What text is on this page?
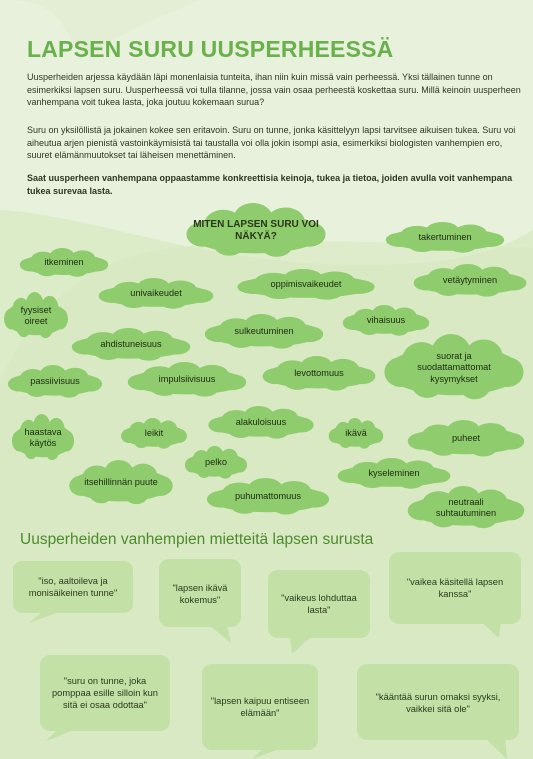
LAPSEN SURU UUSPERHEESSÄ

Uusperheiden arjessa käydään läpi monenlaisia tunteita, ihan niin kuin missä vain perheessä. Yksi tällainen tunne on esimerkiksi lapsen suru. Uusperheessä voi tulla tilanne, jossa vain osaa perheestä koskettaa suru. Millä keinoin uusperheen vanhempana voit tukea lasta, joka joutuu kokemaan surua?

Suru on yksilöllistä ja jokainen kokee sen eritavoin. Suru on tunne, jonka käsittelyyn lapsi tarvitsee aikuisen tukea. Suru voi aiheutua arjen pienistä vastoinkäymisistä tai taustalla voi olla jokin isompi asia, esimerkiksi biologisten vanhempien ero, suuret elämänmuutokset tai läheisen menettäminen.

Saat uusperheen vanhempana oppaastamme konkreettisia keinoja, tukea ja tietoa, joiden avulla voit vanhempana tukea surevaa lasta.

MITEN LAPSEN SURU VOI NÄKYÄ?	takertuminen
itkeminen
vetäytyminen
univaikeudet
oppimisvaikeudet
fyysiset oireet	vihaisuus
sulkeutuminen
ahdistuneisuus
suorat ja suodattamattomat kysymykset
passiivisuus	impulsiivisuus
levottomuus
alakuloisuus
haastava käytös
leikit	ikävä	puheet
pelko
itsehillinnän puute
kyseleminen
puhumattomuus
neutraali suhtautuminen
Uusperheiden vanhempien mietteitä lapsen surusta
"iso, aaltoileva ja monisäikeinen tunne"	"lapsen ikävä kokemus"	"vaikeus lohduttaa lasta"
"vaikea käsitellä lapsen kanssa"
"suru on tunne, joka pomppaa esille silloin kun sitä ei osaa odottaa"	"lapsen kaipuu entiseen elämään"
"kääntää surun omaksi syyksi, vaikkei sitä ole"
